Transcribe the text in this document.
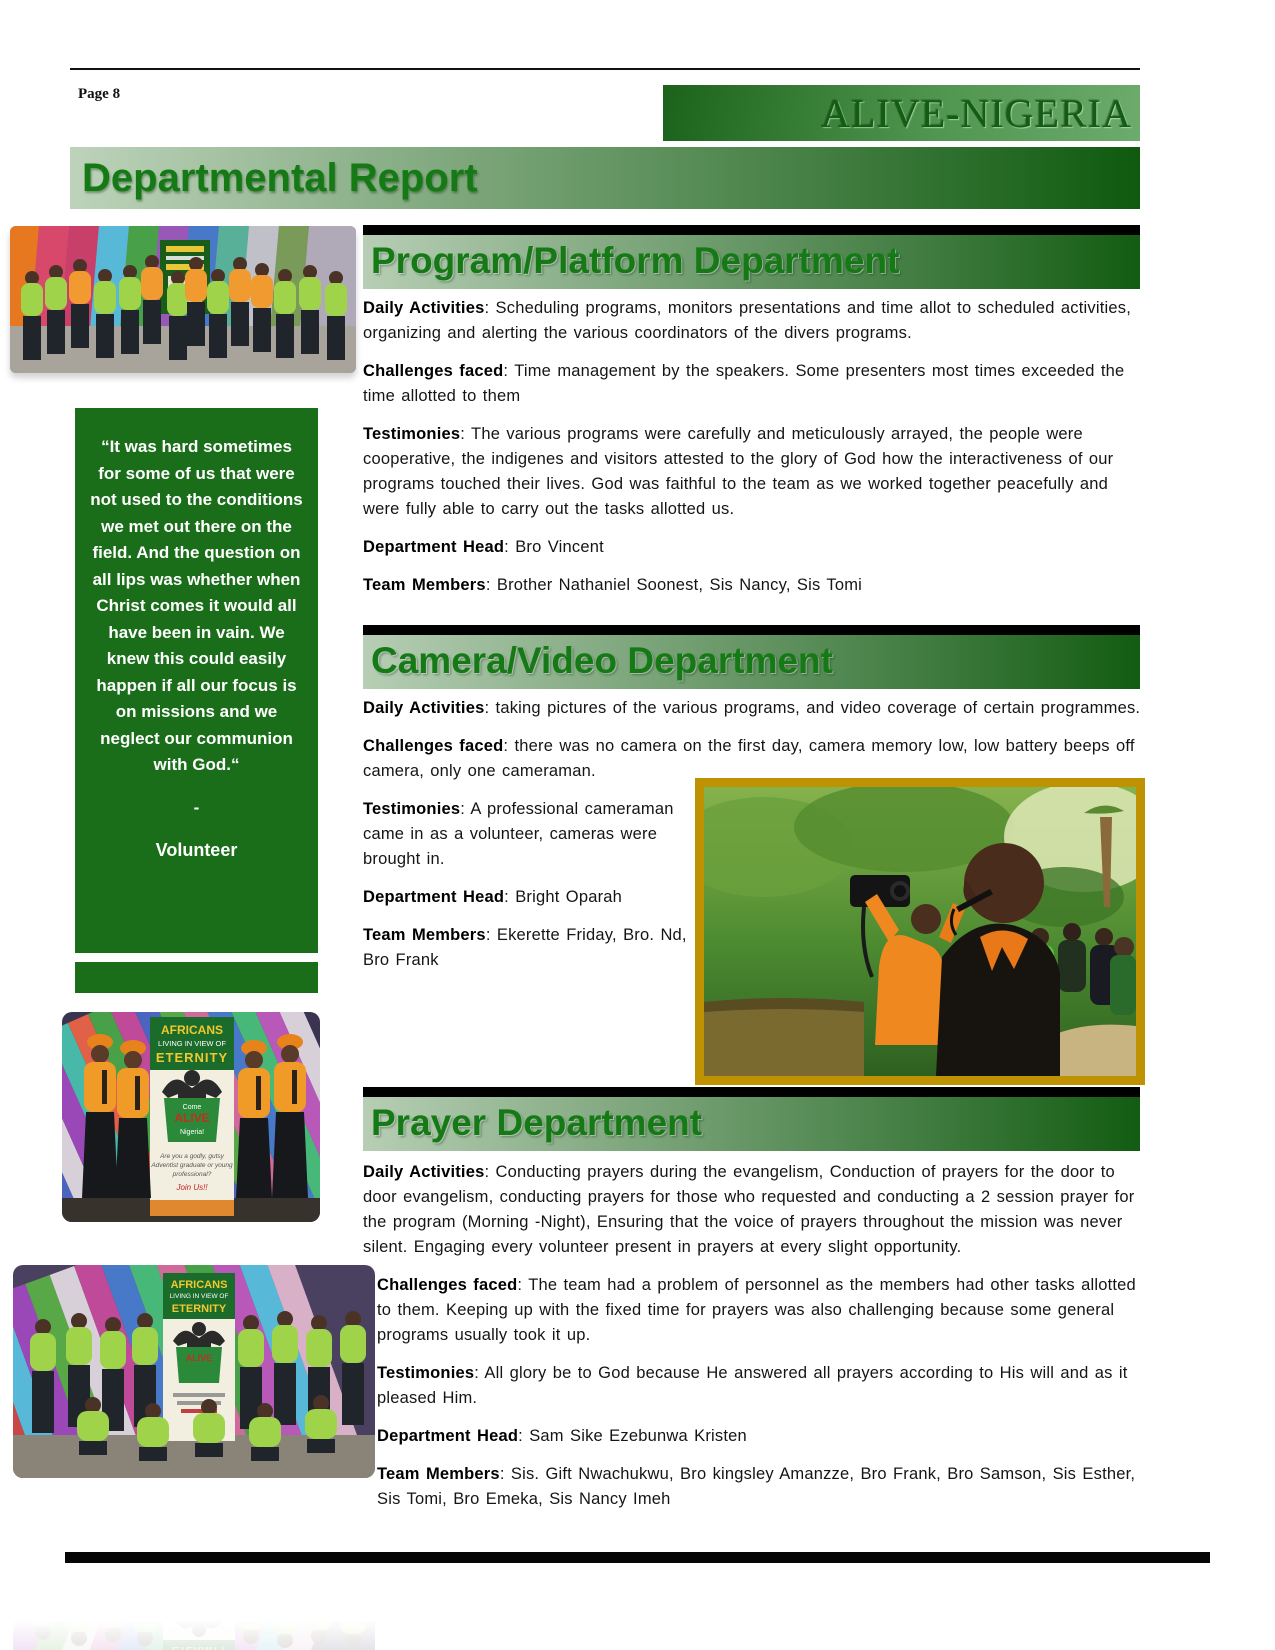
Page 8	ALIVE-NIGERIA
Departmental Report
“It was hard sometimes for some of us that were not used to the conditions we met out there on the field. And the question on all lips was whether when Christ comes it would all have been in vain. We knew this could easily happen if all our focus is on missions and we neglect our communion with God.“
-
Volunteer
AFRICANS
LIVING IN VIEW OF
ETERNITY
Come
ALIVE
Nigeria!
Are you a godly, gutsy
Adventist graduate or young
professional?
Join Us!!
AFRICANS
LIVING IN VIEW OF
ETERNITY
ALIVE
Program/Platform Department

Daily Activities: Scheduling programs, monitors presentations and time allot to scheduled activities, organizing and alerting the various coordinators of the divers programs.

Challenges faced: Time management by the speakers. Some presenters most times exceeded the time allotted to them

Testimonies: The various programs were carefully and meticulously arrayed, the people were cooperative, the indigenes and visitors attested to the glory of God how the interactiveness of our programs touched their lives. God was faithful to the team as we worked together peacefully and were fully able to carry out the tasks allotted us.

Department Head: Bro Vincent

Team Members: Brother Nathaniel Soonest, Sis Nancy, Sis Tomi

Camera/Video Department

Daily Activities: taking pictures of the various programs, and video coverage of certain programmes.

Challenges faced: there was no camera on the first day, camera memory low, low battery beeps off camera, only one cameraman.

Testimonies: A professional cameraman came in as a volunteer, cameras were brought in.

Department Head: Bright Oparah

Team Members: Ekerette Friday, Bro. Nd, Bro Frank

Prayer Department

Daily Activities: Conducting prayers during the evangelism, Conduction of prayers for the door to door evangelism, conducting prayers for those who requested and conducting a 2 session prayer for the program (Morning -Night), Ensuring that the voice of prayers throughout the mission was never silent. Engaging every volunteer present in prayers at every slight opportunity.

Challenges faced: The team had a problem of personnel as the members had other tasks allotted to them. Keeping up with the fixed time for prayers was also challenging because some general programs usually took it up.

Testimonies: All glory be to God because He answered all prayers according to His will and as it pleased Him.

Department Head: Sam Sike Ezebunwa Kristen

Team Members: Sis. Gift Nwachukwu, Bro kingsley Amanzze, Bro Frank, Bro Samson, Sis Esther, Sis Tomi, Bro Emeka, Sis Nancy Imeh
